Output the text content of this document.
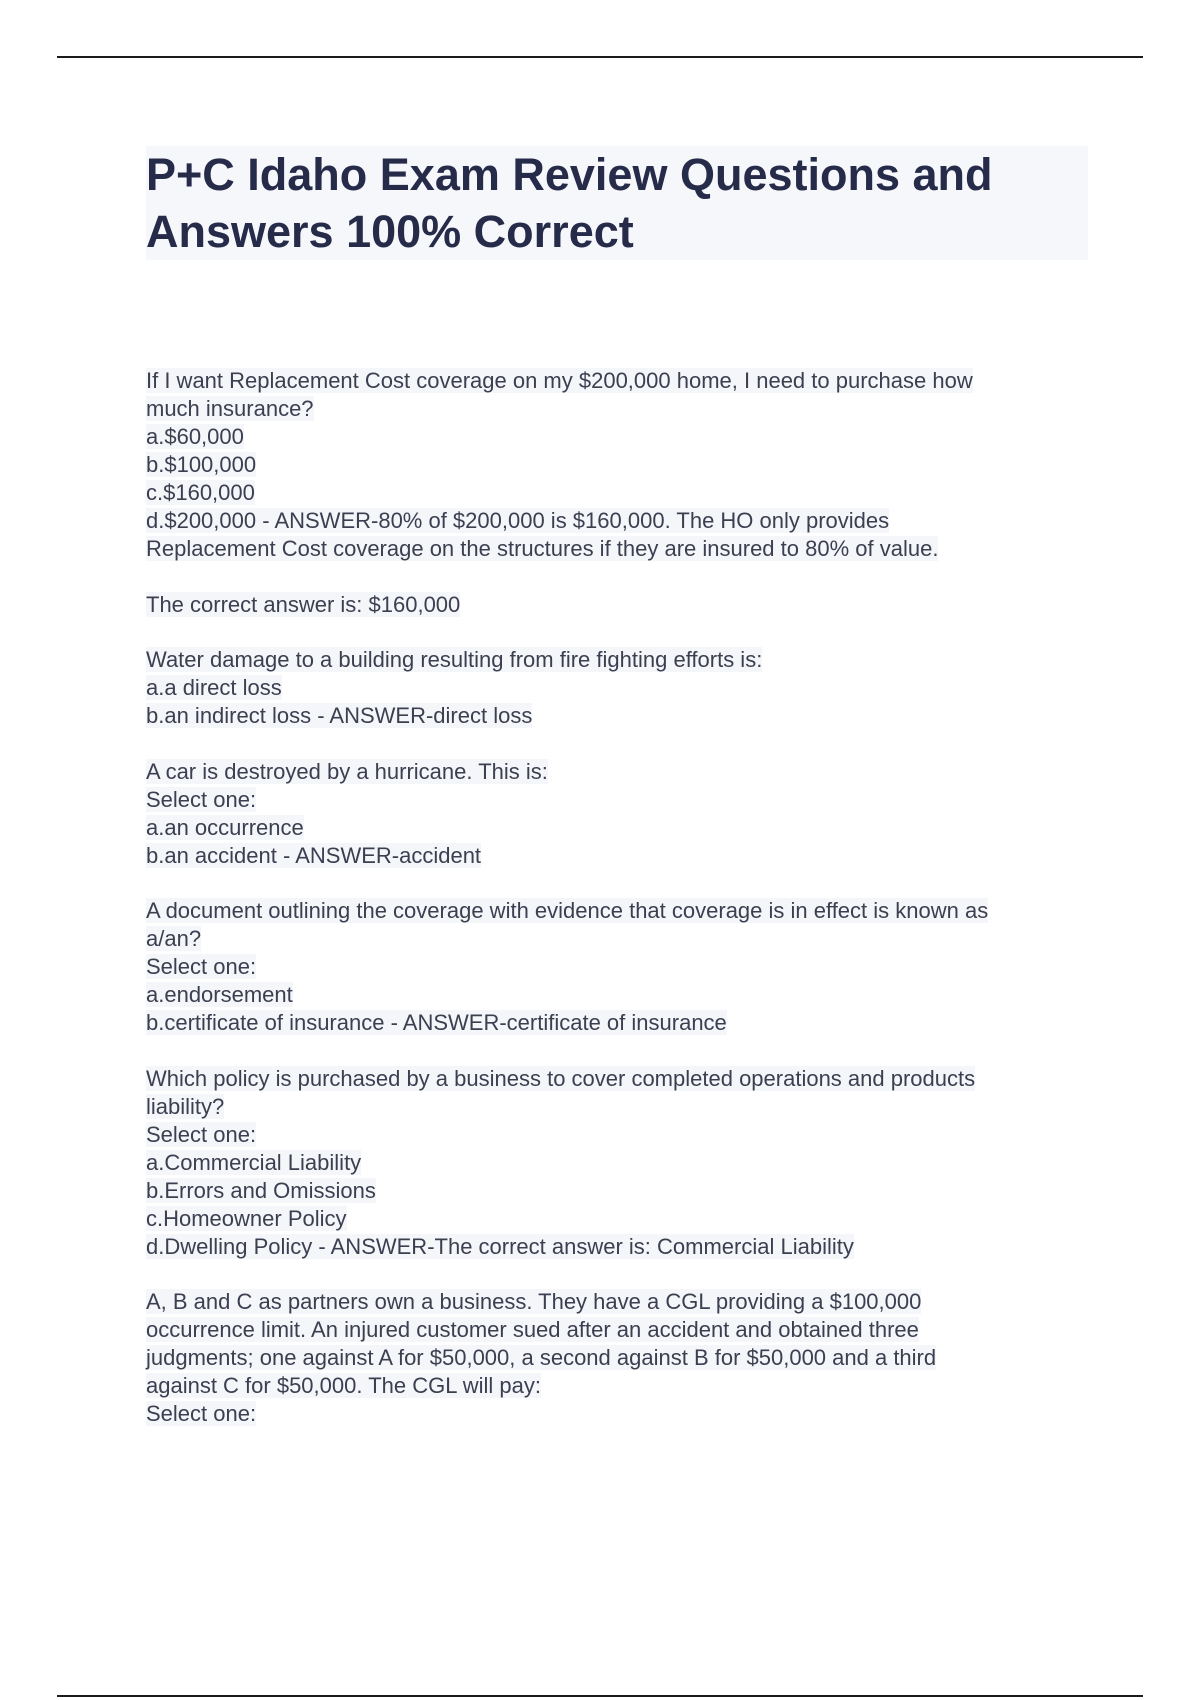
P+C Idaho Exam Review Questions and
Answers 100% Correct
If I want Replacement Cost coverage on my $200,000 home, I need to purchase how
much insurance?
a.$60,000
b.$100,000
c.$160,000
d.$200,000 - ANSWER-80% of $200,000 is $160,000. The HO only provides
Replacement Cost coverage on the structures if they are insured to 80% of value.
The correct answer is: $160,000
Water damage to a building resulting from fire fighting efforts is:
a.a direct loss
b.an indirect loss - ANSWER-direct loss
A car is destroyed by a hurricane. This is:
Select one:
a.an occurrence
b.an accident - ANSWER-accident
A document outlining the coverage with evidence that coverage is in effect is known as
a/an?
Select one:
a.endorsement
b.certificate of insurance - ANSWER-certificate of insurance
Which policy is purchased by a business to cover completed operations and products
liability?
Select one:
a.Commercial Liability
b.Errors and Omissions
c.Homeowner Policy
d.Dwelling Policy - ANSWER-The correct answer is: Commercial Liability
A, B and C as partners own a business. They have a CGL providing a $100,000
occurrence limit. An injured customer sued after an accident and obtained three
judgments; one against A for $50,000, a second against B for $50,000 and a third
against C for $50,000. The CGL will pay:
Select one:
